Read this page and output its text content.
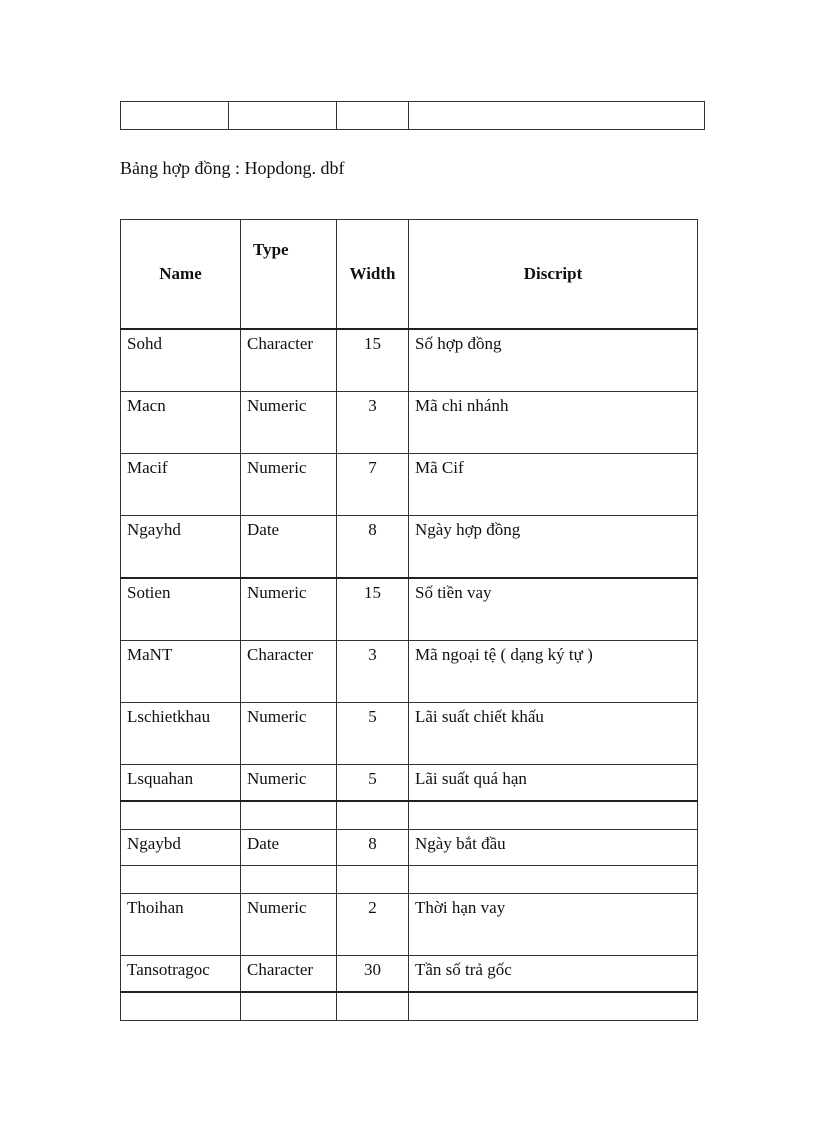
Bảng hợp đồng : Hopdong. dbf
Name	Type	Width	Discript
Sohd	Character	15	Số hợp đồng
Macn	Numeric	3	Mã chi nhánh
Macif	Numeric	7	Mã Cif
Ngayhd	Date	8	Ngày hợp đồng
Sotien	Numeric	15	Số tiền vay
MaNT	Character	3	Mã ngoại tệ ( dạng ký tự )
Lschietkhau	Numeric	5	Lãi suất chiết khấu
Lsquahan	Numeric	5	Lãi suất quá hạn

Ngaybd	Date	8	Ngày bắt đầu

Thoihan	Numeric	2	Thời hạn vay
Tansotragoc	Character	30	Tần số trả gốc
